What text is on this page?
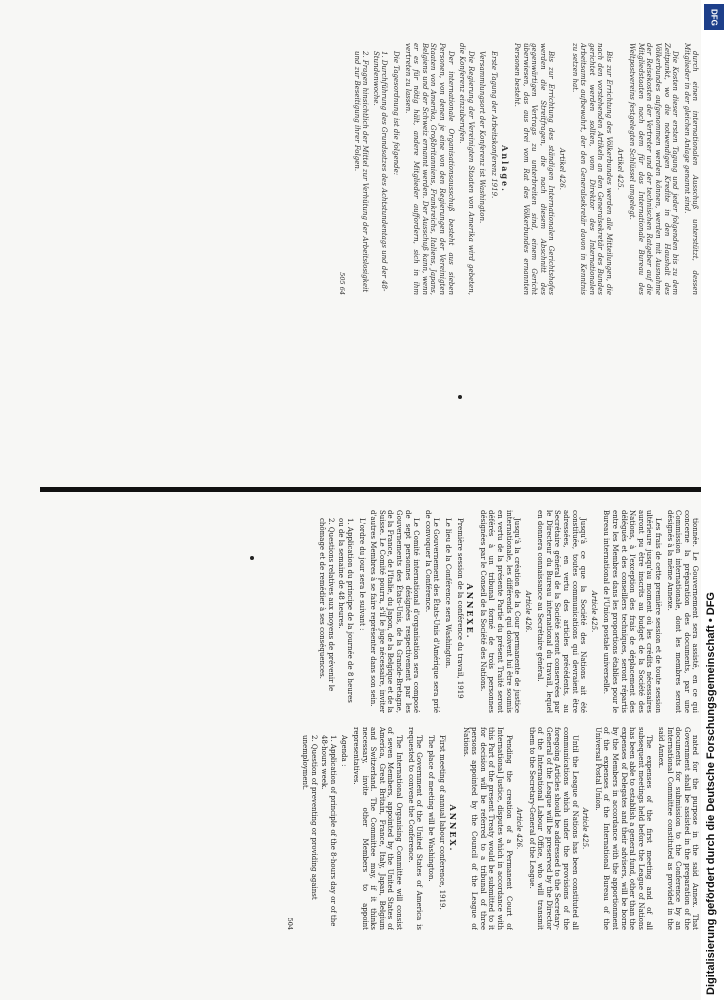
tionnée. Le Gouvernement sera assisté, en ce qui concerne la préparation des documents, par une Commission internationale, dont les membres seront désignés à la même Annexe.

Les frais de cette première session et de toute session ultérieure jusqu'au moment où les crédits nécessaires auront pu être inscrits au budget de la Société des Nations, à l'exception des frais de déplacement des délégués et des conseillers techniques, seront répartis entre les Membres dans les proportions établies pour le Bureau international de l'Union postale universelle.

Article 425.

Jusqu'à ce que la Société des Nations ait été constituée, toutes communications qui devraient être adressées, en vertu des articles précédents, au Secrétaire général de la Société seront conservées par le Directeur du Bureau international du travail, lequel en donnera connaissance au Secrétaire général.

Article 426.

Jusqu'à la création de la Cour permanente de justice internationale, les différends qui doivent lui être soumis en vertu de la présente Partie du présent Traité seront déférés à un tribunal formé de trois personnes désignées par le Conseil de la Société des Nations.

ANNEXE.

Première session de la conférence du travail, 1919

Le lieu de la Conférence sera Washington.

Le Gouvernement des États-Unis d'Amérique sera prié de convoquer la Conférence.

Le Comité international d'organisation sera composé de sept personnes désignées respectivement par les Gouvernements des États-Unis, de la Grande-Bretagne, de la France, de l'Italie, du Japon, de la Belgique et de la Suisse. Le Comité pourra, s'il le juge nécessaire, inviter d'autres Membres à se faire représenter dans son sein.

L'ordre du jour sera le suivant :

1. Application du principe de la journée de 8 heures ou de la semaine de 48 heures.
2. Questions relatives aux moyens de prévenir le chômage et de remédier à ses conséquences.

nated for the purpose in the said Annex. That Government shall be assisted in the preparation of the documents for submission to the Conference by an International Committee constituted as provided in the said Annex.

The expenses of the first meeting and of all subsequent meetings held before the League of Nations has been able to establish a general fund, other than the expenses of Delegates and their advisers, will be borne by the Members in accordance with the apportionment of the expenses of the International Bureau of the Universal Postal Union.

Article 425.

Until the League of Nations has been constituted all communications which under the provisions of the foregoing Articles should be addressed to the Secretary-General of the League will be preserved by the Director of the International Labour Office, who will transmit them to the Secretary-General of the League.

Article 426.

Pending the creation of a Permanent Court of International Justice, disputes which in accordance with this Part of the present Treaty would be submitted to it for decision will be referred to a tribunal of three persons appointed by the Council of the League of Nations.

ANNEX.

First meeting of annual labour conference, 1919.

The place of meeting will be Washington.

The Government of the United States of America is requested to convene the Conference.

The International Organising Committee will consist of seven Members, appointed by the United States of America, Great Britain, France, Italy, Japan, Belgium and Switzerland. The Committee may, if it thinks necessary, invite other Members to appoint representatives.

Agenda :

1. Application of principle of the 8-hours day or of the 48-hours week.
2. Question of preventing or providing against unemployment.
504

durch einen internationalen Ausschuß unterstützt, dessen Mitglieder in der gleichen Anlage genannt sind.

Die Kosten dieser ersten Tagung und jeder folgenden bis zu dem Zeitpunkt, wo die notwendigen Kredite in den Haushalt des Völkerbundes aufgenommen werden können, werden mit Ausnahme der Reisekosten der Vertreter und der technischen Ratgeber auf die Mitgliedstaaten nach dem für das Internationale Bureau des Weltpostvereins festgelegten Schlüssel umgelegt.

Artikel 425.

Bis zur Errichtung des Völkerbundes werden alle Mitteilungen, die nach den vorstehenden Artikeln an den Generalsekretär des Bundes gerichtet werden sollten, vom Direktor des Internationalen Arbeitsamts aufbewahrt, der den Generalsekretär davon in Kenntnis zu setzen hat.

Artikel 426.

Bis zur Errichtung des ständigen Internationalen Gerichtshofes werden die Streitfragen, die nach diesem Abschnitt des gegenwärtigen Vertrags zu unterbreiten sind, einem Gericht überwiesen, das aus drei vom Rat des Völkerbundes ernannten Personen besteht.

Anlage.

Erste Tagung der Arbeitskonferenz 1919.

Versammlungsort der Konferenz ist Washington.

Die Regierung der Vereinigten Staaten von Amerika wird gebeten, die Konferenz einzuberufen.

Der internationale Organisationsausschuß besteht aus sieben Personen, von denen je eine von den Regierungen der Vereinigten Staaten von Amerika, Großbritanniens, Frankreichs, Italiens, Japans, Belgiens und der Schweiz ernannt werden. Der Ausschuß kann, wenn er es für nötig hält, andere Mitglieder auffordern, sich in ihm vertreten zu lassen.

Die Tagesordnung ist die folgende:

1. Durchführung des Grundsatzes des Achtstundentags und der 48-Stundenwoche.
2. Fragen hinsichtlich der Mittel zur Verhütung der Arbeitslosigkeit und zur Beseitigung ihrer Folgen.
505 64
DFG
Digitalisierung gefördert durch die Deutsche Forschungsgemeinschaft • DFG
